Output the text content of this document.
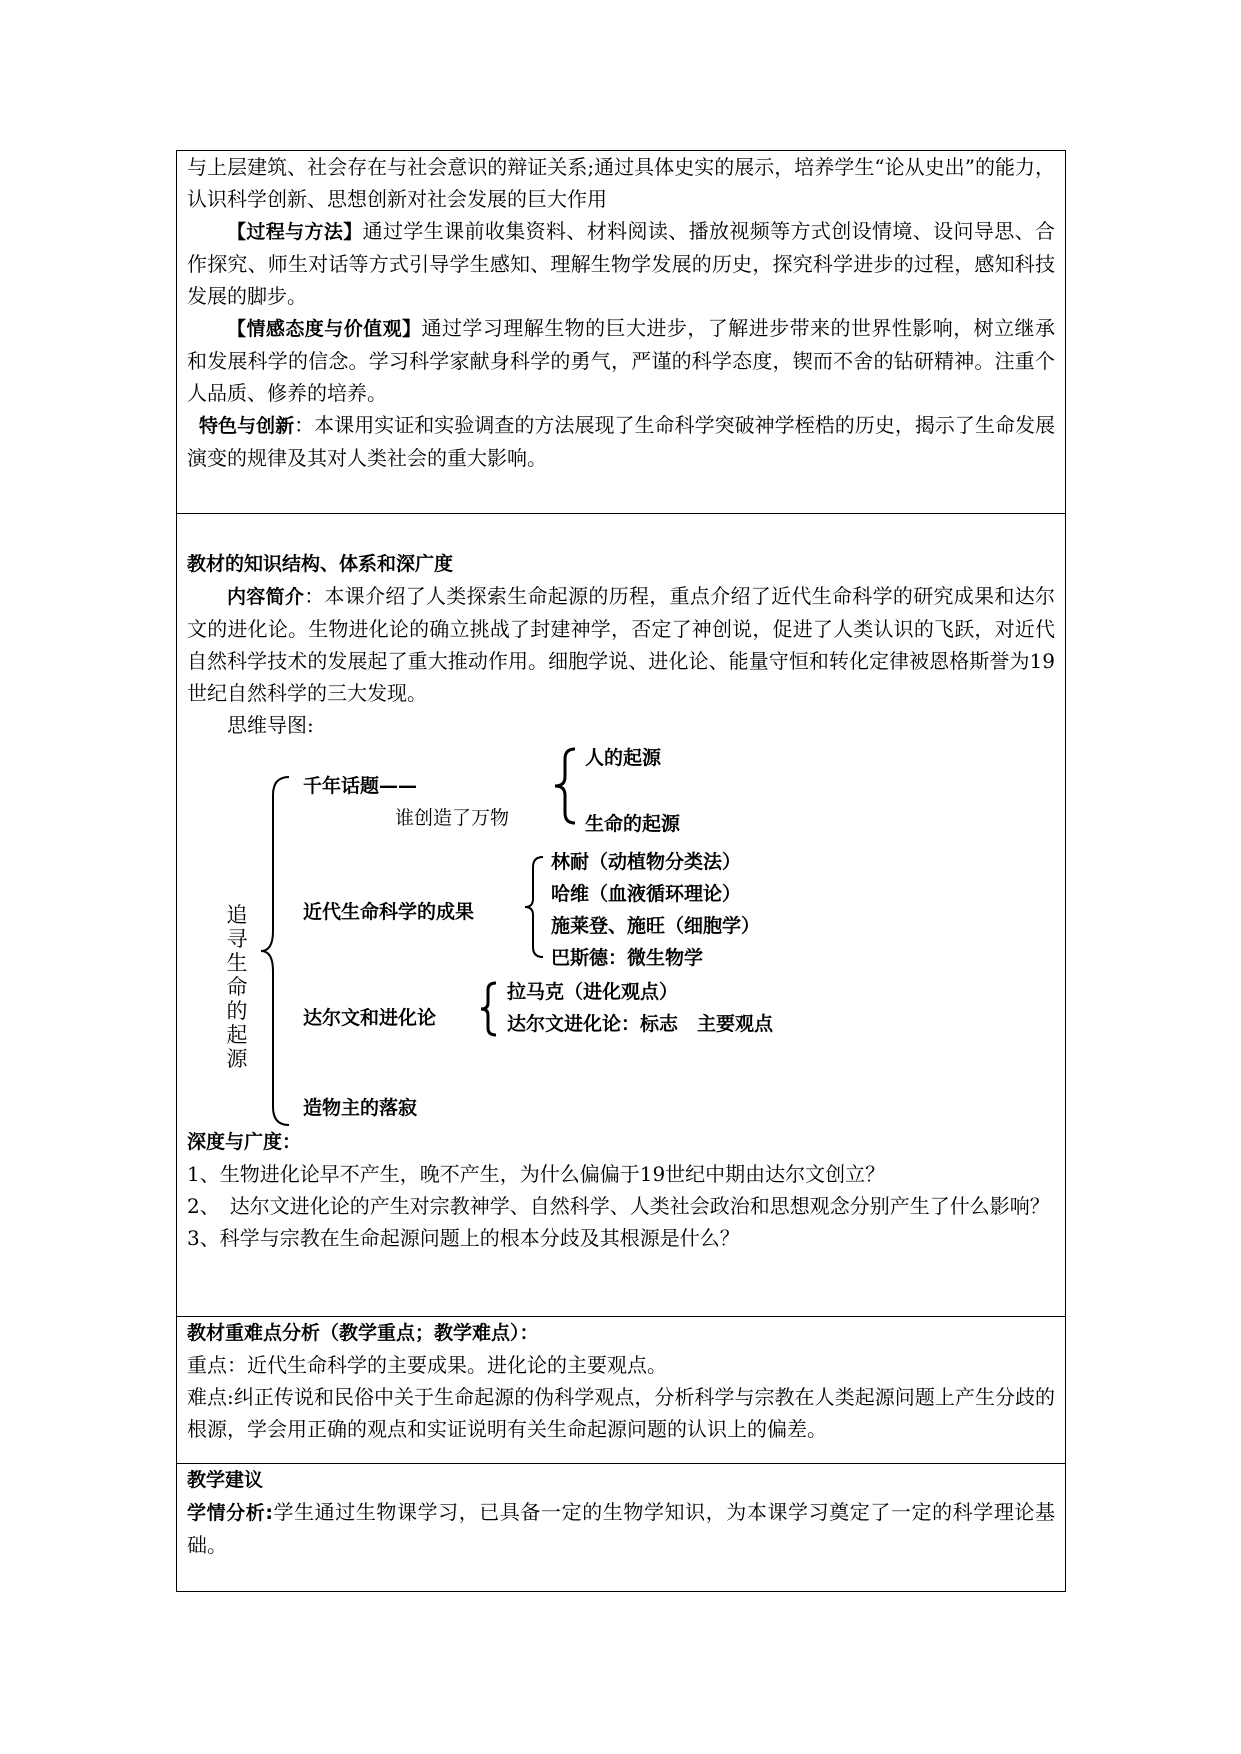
与上层建筑、社会存在与社会意识的辩证关系;通过具体史实的展示，培养学生“论从史出”的能力，认识科学创新、思想创新对社会发展的巨大作用

【过程与方法】通过学生课前收集资料、材料阅读、播放视频等方式创设情境、设问导思、合作探究、师生对话等方式引导学生感知、理解生物学发展的历史，探究科学进步的过程，感知科技发展的脚步。

【情感态度与价值观】通过学习理解生物的巨大进步，了解进步带来的世界性影响，树立继承和发展科学的信念。学习科学家献身科学的勇气，严谨的科学态度，锲而不舍的钻研精神。注重个人品质、修养的培养。

特色与创新：本课用实证和实验调查的方法展现了生命科学突破神学桎梏的历史，揭示了生命发展演变的规律及其对人类社会的重大影响。

教材的知识结构、体系和深广度

内容简介：本课介绍了人类探索生命起源的历程，重点介绍了近代生命科学的研究成果和达尔文的进化论。生物进化论的确立挑战了封建神学，否定了神创说，促进了人类认识的飞跃，对近代自然科学技术的发展起了重大推动作用。细胞学说、进化论、能量守恒和转化定律被恩格斯誉为19世纪自然科学的三大发现。

思维导图:

追寻生命的起源
千年话题——
谁创造了万物
人的起源
生命的起源
近代生命科学的成果
林耐（动植物分类法）
哈维（血液循环理论）
施莱登、施旺（细胞学）
巴斯德：微生物学
达尔文和进化论
拉马克（进化观点）
达尔文进化论：标志　主要观点
造物主的落寂

深度与广度：

1、生物进化论早不产生，晚不产生，为什么偏偏于19世纪中期由达尔文创立？

2、　达尔文进化论的产生对宗教神学、自然科学、人类社会政治和思想观念分别产生了什么影响？

3、科学与宗教在生命起源问题上的根本分歧及其根源是什么？

教材重难点分析（教学重点；教学难点）：

重点：近代生命科学的主要成果。进化论的主要观点。

难点:纠正传说和民俗中关于生命起源的伪科学观点，分析科学与宗教在人类起源问题上产生分歧的根源，学会用正确的观点和实证说明有关生命起源问题的认识上的偏差。

教学建议

学情分析:学生通过生物课学习，已具备一定的生物学知识，为本课学习奠定了一定的科学理论基础。
